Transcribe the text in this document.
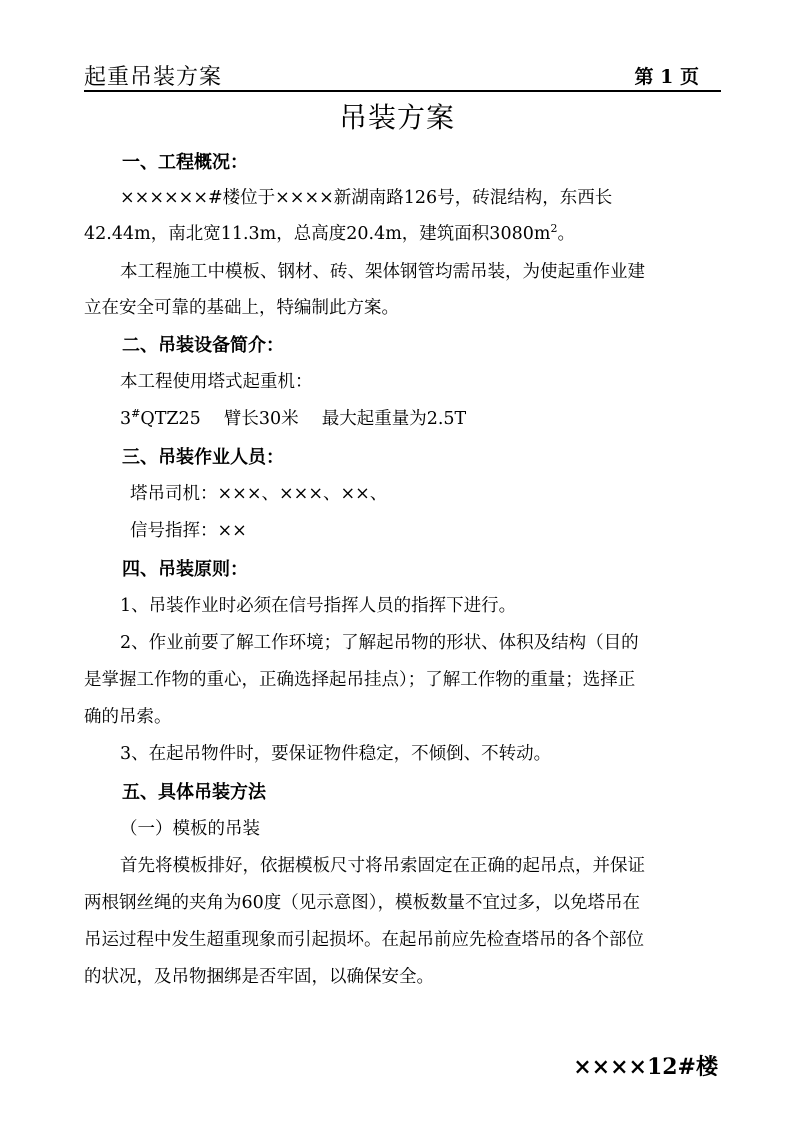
起重吊装方案	第 1 页
吊装方案
一、工程概况：
××××××#楼位于××××新湖南路126号，砖混结构，东西长
42.44m，南北宽11.3m，总高度20.4m，建筑面积$3080m^2$。
本工程施工中模板、钢材、砖、架体钢管均需吊装，为使起重作业建
立在安全可靠的基础上，特编制此方案。
二、吊装设备简介：
本工程使用塔式起重机：
3#QTZ25　 臂长30米　 最大起重量为2.5T
三、吊装作业人员：
塔吊司机：×××、×××、××、
信号指挥：××
四、吊装原则：
1、吊装作业时必须在信号指挥人员的指挥下进行。
2、作业前要了解工作环境；了解起吊物的形状、体积及结构（目的
是掌握工作物的重心，正确选择起吊挂点）；了解工作物的重量；选择正
确的吊索。
3、在起吊物件时，要保证物件稳定，不倾倒、不转动。
五、具体吊装方法
（一）模板的吊装
首先将模板排好，依据模板尺寸将吊索固定在正确的起吊点，并保证
两根钢丝绳的夹角为60度（见示意图），模板数量不宜过多，以免塔吊在
吊运过程中发生超重现象而引起损坏。在起吊前应先检查塔吊的各个部位
的状况，及吊物捆绑是否牢固，以确保安全。
××××12#楼
